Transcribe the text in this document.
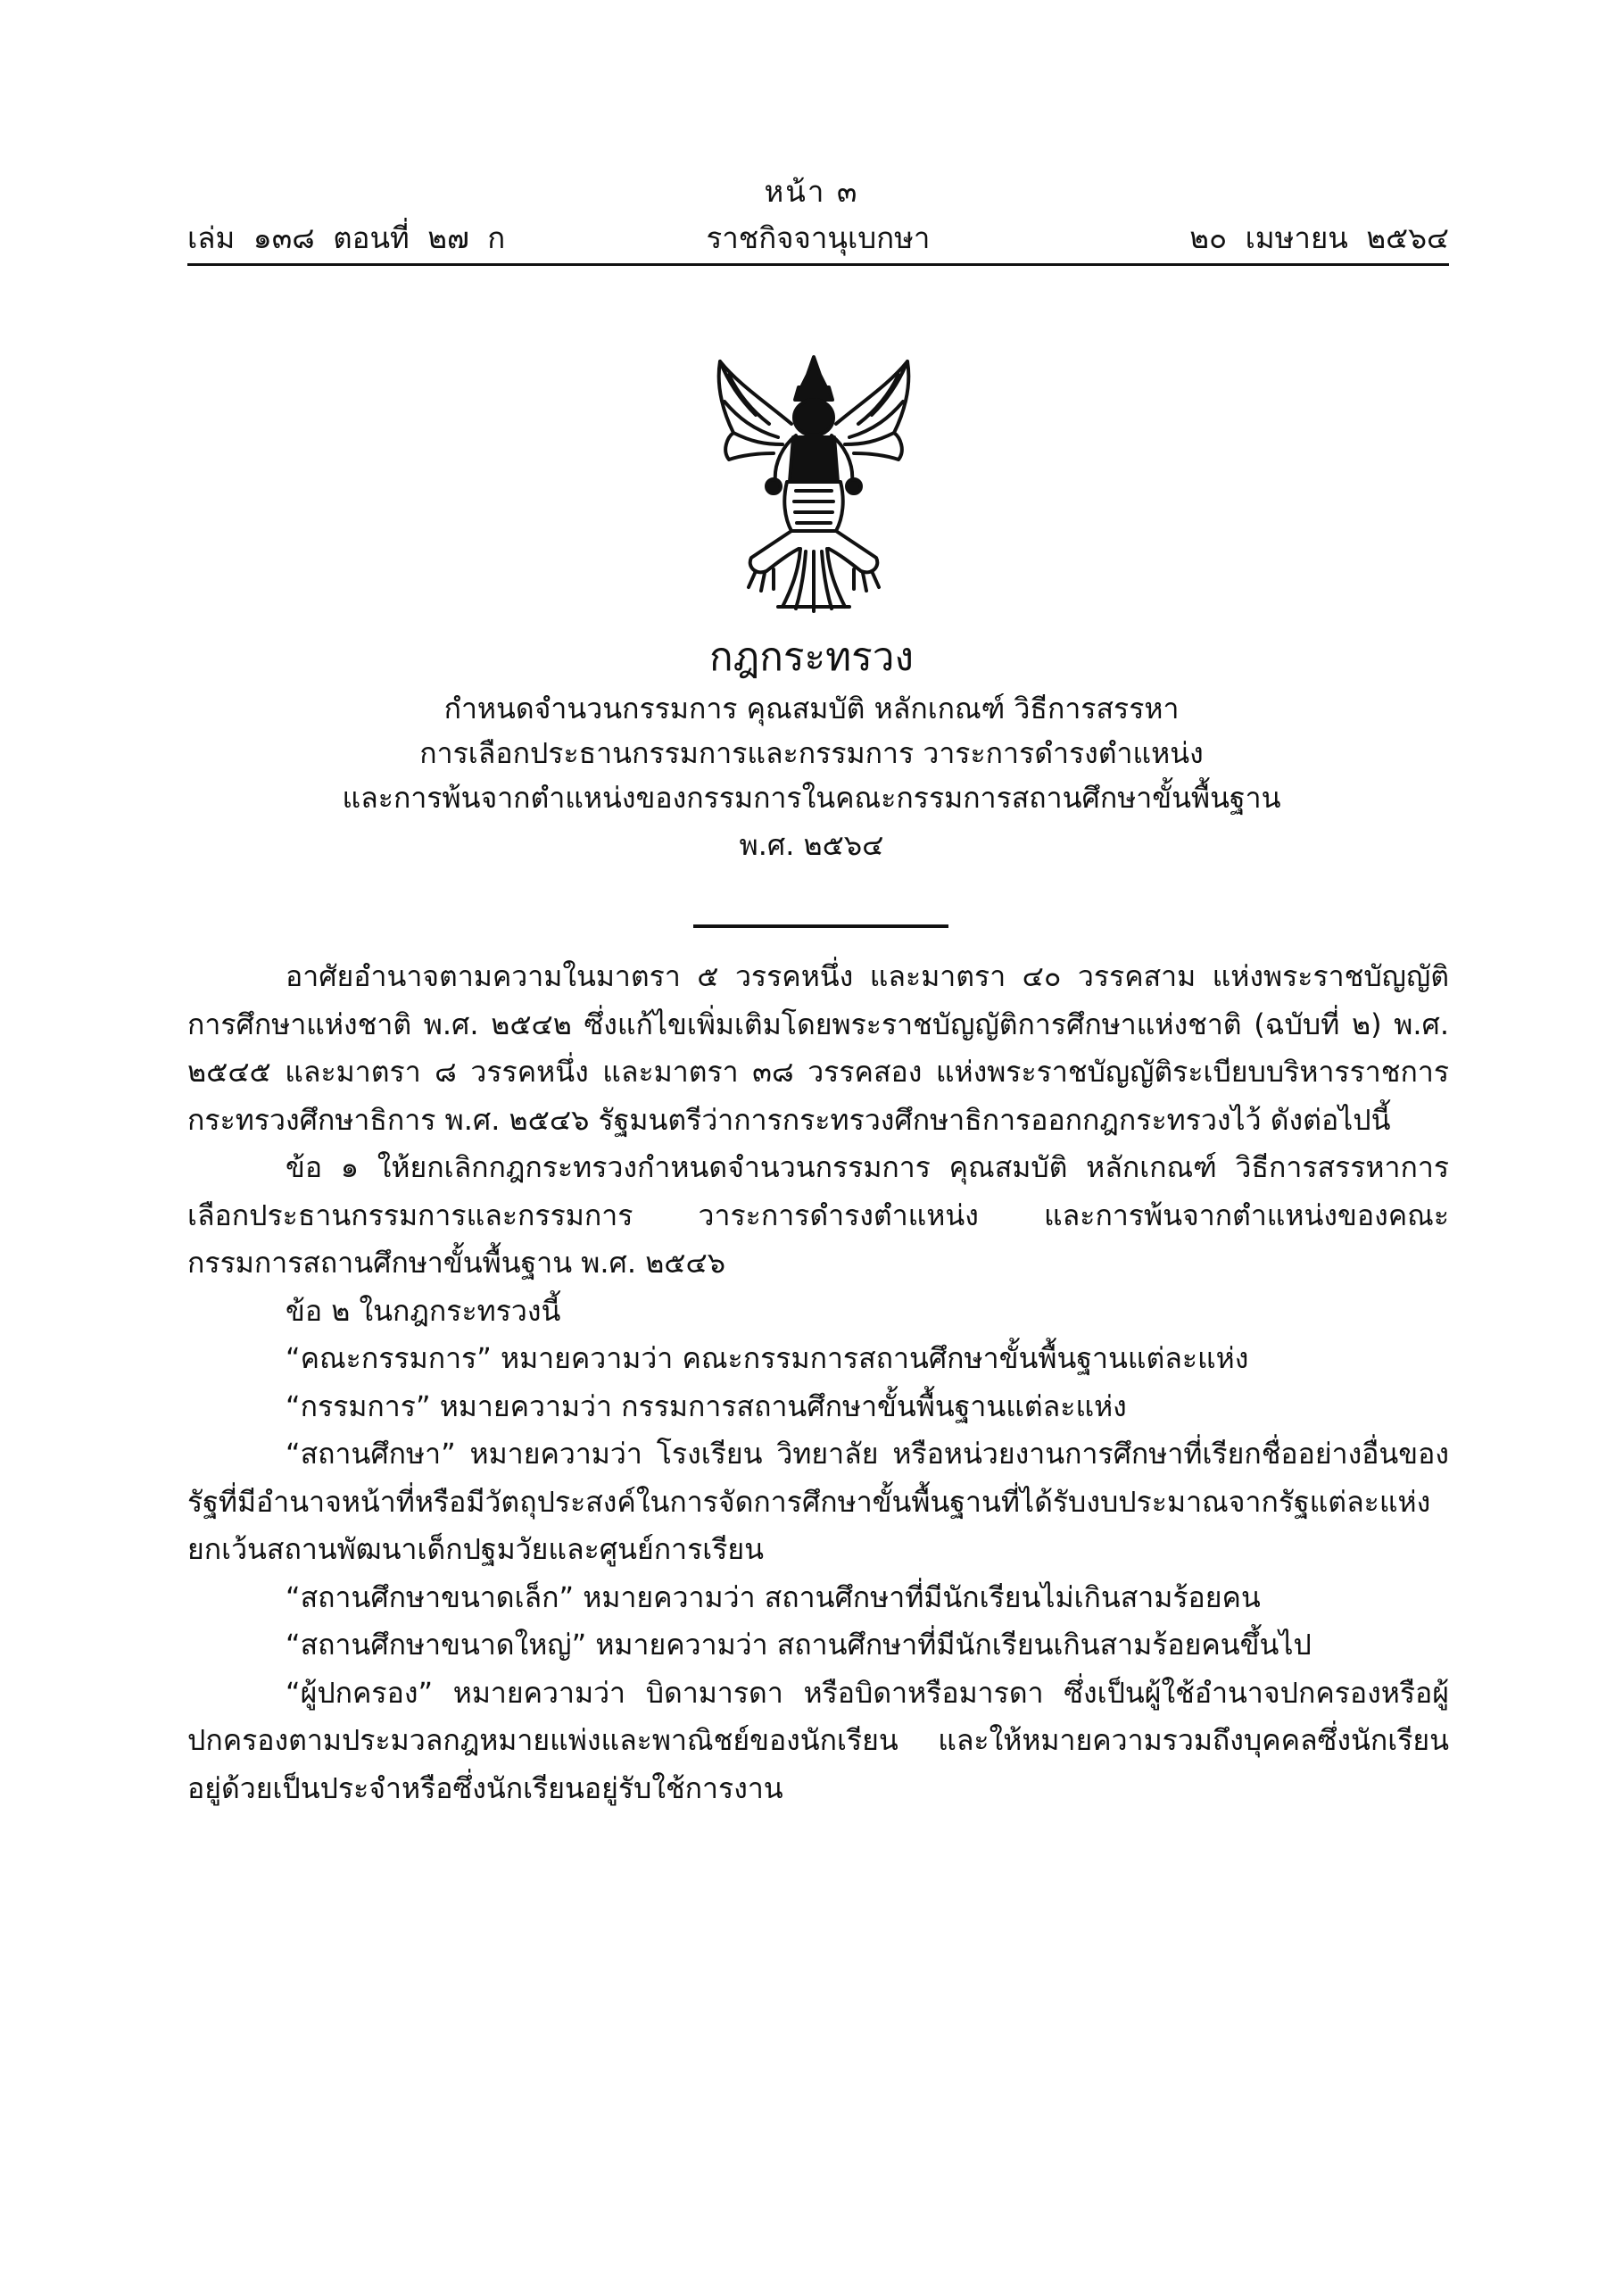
หน้า ๓
เล่ม ๑๓๘ ตอนที่ ๒๗ ก	ราชกิจจานุเบกษา	๒๐ เมษายน ๒๕๖๔
กฎกระทรวง
กำหนดจำนวนกรรมการ คุณสมบัติ หลักเกณฑ์ วิธีการสรรหา
การเลือกประธานกรรมการและกรรมการ วาระการดำรงตำแหน่ง
และการพ้นจากตำแหน่งของกรรมการในคณะกรรมการสถานศึกษาขั้นพื้นฐาน
พ.ศ. ๒๕๖๔

อาศัยอำนาจตามความในมาตรา ๕ วรรคหนึ่ง และมาตรา ๔๐ วรรคสาม แห่งพระราชบัญญัติการศึกษาแห่งชาติ พ.ศ. ๒๕๔๒ ซึ่งแก้ไขเพิ่มเติมโดยพระราชบัญญัติการศึกษาแห่งชาติ (ฉบับที่ ๒) พ.ศ. ๒๕๔๕ และมาตรา ๘ วรรคหนึ่ง และมาตรา ๓๘ วรรคสอง แห่งพระราชบัญญัติระเบียบบริหารราชการกระทรวงศึกษาธิการ พ.ศ. ๒๕๔๖ รัฐมนตรีว่าการกระทรวงศึกษาธิการออกกฎกระทรวงไว้ ดังต่อไปนี้

ข้อ ๑ ให้ยกเลิกกฎกระทรวงกำหนดจำนวนกรรมการ คุณสมบัติ หลักเกณฑ์ วิธีการสรรหาการเลือกประธานกรรมการและกรรมการ วาระการดำรงตำแหน่ง และการพ้นจากตำแหน่งของคณะกรรมการสถานศึกษาขั้นพื้นฐาน พ.ศ. ๒๕๔๖

ข้อ ๒ ในกฎกระทรวงนี้

“คณะกรรมการ” หมายความว่า คณะกรรมการสถานศึกษาขั้นพื้นฐานแต่ละแห่ง

“กรรมการ” หมายความว่า กรรมการสถานศึกษาขั้นพื้นฐานแต่ละแห่ง

“สถานศึกษา” หมายความว่า โรงเรียน วิทยาลัย หรือหน่วยงานการศึกษาที่เรียกชื่ออย่างอื่นของรัฐที่มีอำนาจหน้าที่หรือมีวัตถุประสงค์ในการจัดการศึกษาขั้นพื้นฐานที่ได้รับงบประมาณจากรัฐแต่ละแห่ง ยกเว้นสถานพัฒนาเด็กปฐมวัยและศูนย์การเรียน

“สถานศึกษาขนาดเล็ก” หมายความว่า สถานศึกษาที่มีนักเรียนไม่เกินสามร้อยคน

“สถานศึกษาขนาดใหญ่” หมายความว่า สถานศึกษาที่มีนักเรียนเกินสามร้อยคนขึ้นไป

“ผู้ปกครอง” หมายความว่า บิดามารดา หรือบิดาหรือมารดา ซึ่งเป็นผู้ใช้อำนาจปกครองหรือผู้ปกครองตามประมวลกฎหมายแพ่งและพาณิชย์ของนักเรียน และให้หมายความรวมถึงบุคคลซึ่งนักเรียนอยู่ด้วยเป็นประจำหรือซึ่งนักเรียนอยู่รับใช้การงาน
